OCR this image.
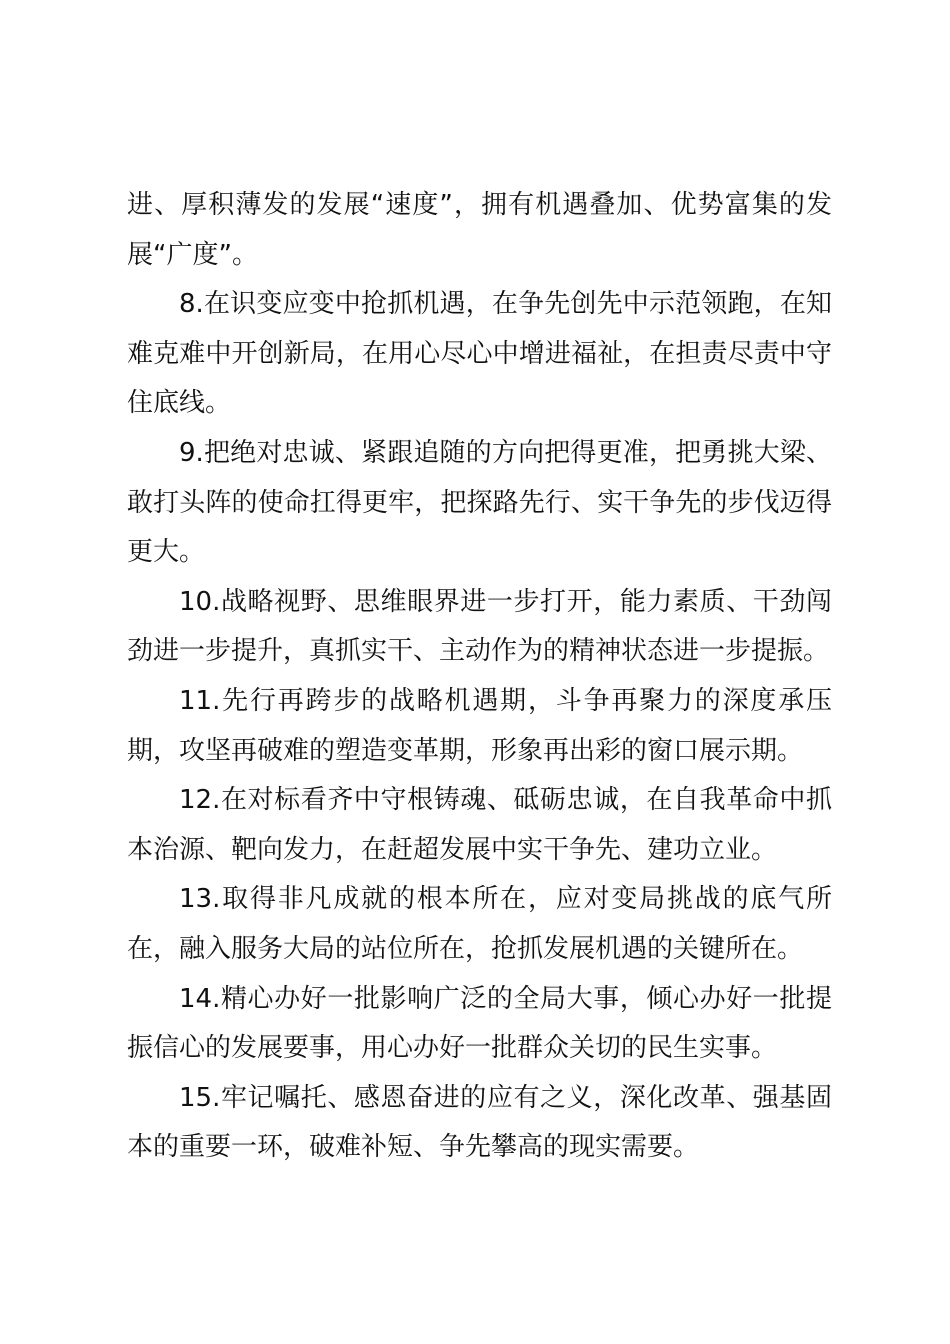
进、厚积薄发的发展“速度”，拥有机遇叠加、优势富集的发展“广度”。

8.在识变应变中抢抓机遇，在争先创先中示范领跑，在知难克难中开创新局，在用心尽心中增进福祉，在担责尽责中守住底线。

9.把绝对忠诚、紧跟追随的方向把得更准，把勇挑大梁、敢打头阵的使命扛得更牢，把探路先行、实干争先的步伐迈得更大。

10.战略视野、思维眼界进一步打开，能力素质、干劲闯劲进一步提升，真抓实干、主动作为的精神状态进一步提振。

11.先行再跨步的战略机遇期，斗争再聚力的深度承压期，攻坚再破难的塑造变革期，形象再出彩的窗口展示期。

12.在对标看齐中守根铸魂、砥砺忠诚，在自我革命中抓本治源、靶向发力，在赶超发展中实干争先、建功立业。

13.取得非凡成就的根本所在，应对变局挑战的底气所在，融入服务大局的站位所在，抢抓发展机遇的关键所在。

14.精心办好一批影响广泛的全局大事，倾心办好一批提振信心的发展要事，用心办好一批群众关切的民生实事。

15.牢记嘱托、感恩奋进的应有之义，深化改革、强基固本的重要一环，破难补短、争先攀高的现实需要。
